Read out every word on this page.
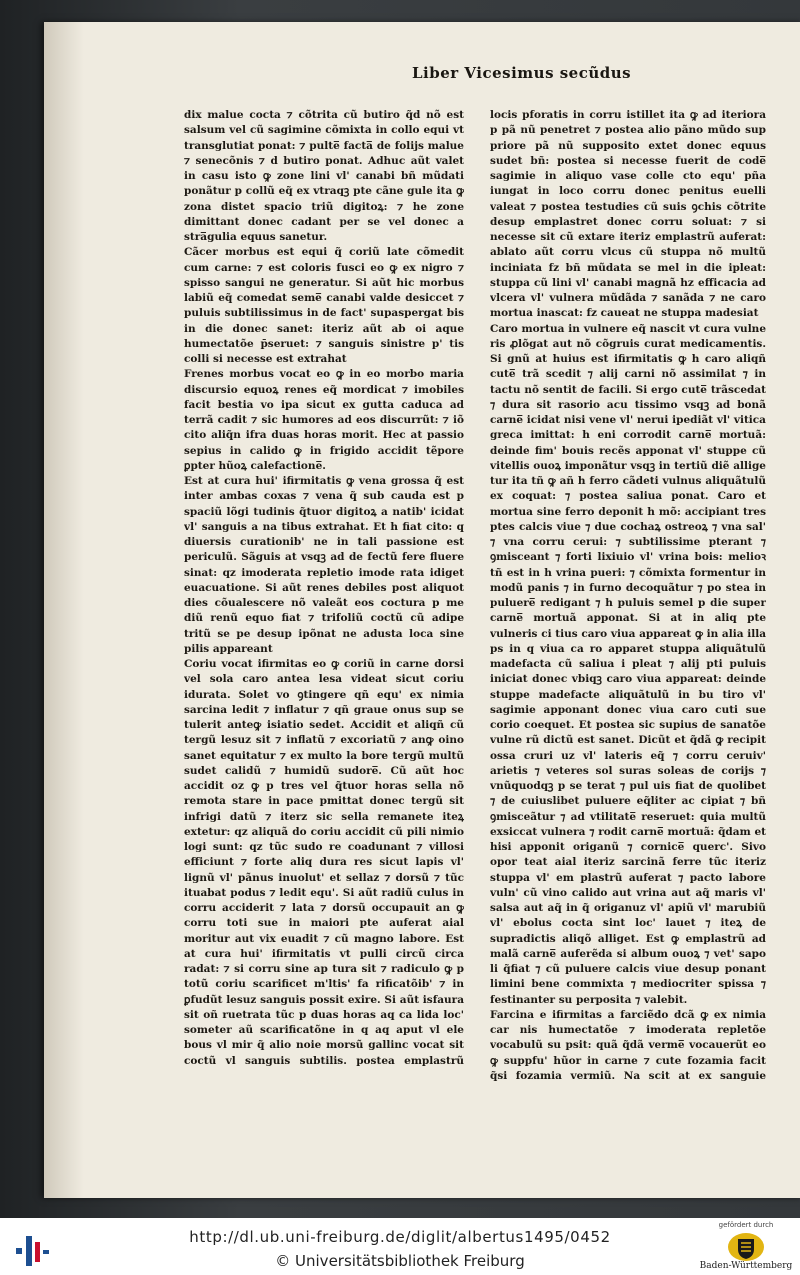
Liber Vicesimus secũdus

dix malue cocta ⁊ cõtrita cũ butiro q̃d nõ est salsum vel cũ sagimine cõmixta in collo equi vt transglutiat ponat: ⁊ pulte̅ facta̅ de folijs malue ⁊ senecõnis ⁊ d butiro ponat. Adhuc aũt valet in casu isto ꝙ zone lini vl' canabi bñ mũdati ponãtur p collũ eq̃ ex vtraqꝫ pte cãne gule ita ꝙ zona distet spacio triũ digitoꝝ: ⁊ he zone dimittant donec cadant per se vel donec a stra̅gulia equus sanetur.

Cãcer morbus est equi q̃ coriũ late cõmedit cum carne: ⁊ est coloris fusci eo ꝙ ex nigro ⁊ spisso sangui ne generatur. Si aũt hic morbus labiũ eq̃ comedat seme̅ canabi valde desiccet ⁊ puluis subtilissimus in de fact' supaspergat bis in die donec sanet: iteriz aũt ab oi aque humectatõe p̄seruet: ⁊ sanguis sinistre p' tis colli si necesse est extrahat

Frenes morbus vocat eo ꝙ in eo morbo maria discursio equoꝝ renes eq̃ mordicat ⁊ imobiles facit bestia vo ipa sicut ex gutta caduca ad terrã cadit ⁊ sic humores ad eos discurrũt: ⁊ iõ cito aliq̃n ifra duas horas morit. Hec at passio sepius in calido ꝙ in frigido accidit tẽpore ꝑpter hũoꝝ calefactione̅.

Est at cura hui' ifirmitatis ꝙ vena grossa q̃ est inter ambas coxas ⁊ vena q̃ sub cauda est p spaciũ lõgi tudinis q̃tuor digitoꝝ a natib' icidat vl' sanguis a na tibus extrahat. Et h fiat cito: q diuersis curationib' ne in tali passione est periculũ. Sãguis at vsqꝫ ad de fectũ fere fluere sinat: qz imoderata repletio imode rata idiget euacuatione. Si aũt renes debiles post aliquot dies cõualescere nõ valeãt eos coctura p me diũ renũ equo fiat ⁊ trifoliũ coctũ cũ adipe tritũ se pe desup ipõnat ne adusta loca sine pilis appareant

Coriu vocat ifirmitas eo ꝙ coriũ in carne dorsi vel sola caro antea lesa videat sicut coriu idurata. Solet vo ꝯtingere qñ equ' ex nimia sarcina ledit ⁊ inflatur ⁊ qñ graue onus sup se tulerit anteꝙ isiatio sedet. Accidit et aliqñ cũ tergũ lesuz sit ⁊ inflatũ ⁊ excoriatũ ⁊ anꝙ oino sanet equitatur ⁊ ex multo la bore tergũ multũ sudet calidũ ⁊ humidũ sudore̅. Cũ aũt hoc accidit oz ꝙ p tres vel q̃tuor horas sella nõ remota stare in pace pmittat donec tergũ sit infrigi datũ ⁊ iterz sic sella remanete iteꝝ extetur: qz aliquã do coriu accidit cũ pili nimio logi sunt: qz tũc sudo re coadunant ⁊ villosi efficiunt ⁊ forte aliq dura res sicut lapis vl' lignũ vl' pãnus inuolut' et sellaz ⁊ dorsũ ⁊ tũc ituabat podus ⁊ ledit equ'. Si aũt radiũ culus in corru acciderit ⁊ lata ⁊ dorsũ occupauit an ꝙ corru toti sue in maiori pte auferat aial moritur aut vix euadit ⁊ cũ magno labore. Est at cura hui' ifirmitatis vt pulli circũ circa radat: ⁊ si corru sine ap tura sit ⁊ radiculo ꝙ p totũ coriu scarificet m'ltis' fa rificatõib' ⁊ in ꝑfudũt lesuz sanguis possit exire. Si aũt isfaura sit oñ ruetrata tũc p duas horas aq ca lida loc' someter aũ scarificatõne in q aq aput vl ele bous vl mir q̃ alio noie morsũ gallinc vocat sit coctũ vl sanguis subtilis. postea emplastrũ

locis pforatis in corru istillet ita ꝙ ad iteriora p pã nũ penetret ⁊ postea alio pãno mũdo sup priore pã nũ supposito extet donec equus sudet bñ: postea si necesse fuerit de code̅ sagimie in aliquo vase colle cto equ' pña iungat in loco corru donec penitus euelli valeat ⁊ postea testudies cũ suis ꝯchis cõtrite desup emplastret donec corru soluat: ⁊ si necesse sit cũ extare iteriz emplastrũ auferat: ablato aũt corru vlcus cũ stuppa nõ multũ inciniata fz bñ mũdata se mel in die ipleat: stuppa cũ lini vl' canabi magnã hz efficacia ad vlcera vl' vulnera mũdãda ⁊ sanãda ⁊ ne caro mortua inascat: fz caueat ne stuppa madesiat

Caro mortua in vulnere eq̃ nascit vt cura vulne ris ꝓlõgat aut nõ cõgruis curat medicamentis. Si gnũ at huius est ifirmitatis ꝙ h caro aliqñ cute̅ trã scedit ⁊ alij carni nõ assimilat ⁊ in tactu nõ sentit de facili. Si ergo cute̅ trãscedat ⁊ dura sit rasorio acu tissimo vsqꝫ ad bonã carne̅ icidat nisi vene vl' nerui ipediãt vl' vitica greca imittat: h eni corrodit carne̅ mortuã: deinde fim' bouis recẽs apponat vl' stuppe cũ vitellis ouoꝝ imponãtur vsqꝫ in tertiũ diẽ allige tur ita tñ ꝙ añ h ferro cãdeti vulnus aliquãtulũ ex coquat: ⁊ postea saliua ponat. Caro et mortua sine ferro deponit h mõ: accipiant tres ptes calcis viue ⁊ due cochaꝝ ostreoꝝ ⁊ vna sal' ⁊ vna corru cerui: ⁊ subtilissime pterant ⁊ ꝯmisceant ⁊ forti lixiuio vl' vrina bois: melioꝛ tñ est in h vrina pueri: ⁊ cõmixta formentur in modũ panis ⁊ in furno decoquãtur ⁊ po stea in puluere̅ redigant ⁊ h puluis semel p die super carne̅ mortuã apponat. Si at in aliq pte vulneris ci tius caro viua appareat ꝙ in alia illa ps in q viua ca ro apparet stuppa aliquãtulũ madefacta cũ saliua i pleat ⁊ alij pti puluis iniciat donec vbiqꝫ caro viua appareat: deinde stuppe madefacte aliquãtulũ in bu tiro vl' sagimie apponant donec viua caro cuti sue corio coequet. Et postea sic supius de sanatõe vulne rũ dictũ est sanet. Dicũt et q̃dã ꝙ recipit ossa cruri uz vl' lateris eq̃ ⁊ corru ceruiv' arietis ⁊ veteres sol suras soleas de corijs ⁊ vnũquodqꝫ p se terat ⁊ pul uis fiat de quolibet ⁊ de cuiuslibet puluere eq̃liter ac cipiat ⁊ bñ ꝯmisceãtur ⁊ ad vtilitate̅ reseruet: quia multũ exsiccat vulnera ⁊ rodit carne̅ mortuã: q̃dam et hisi apponit origanũ ⁊ cornice̅ querc'. Sivo opor teat aial iteriz sarcinã ferre tũc iteriz stuppa vl' em plastrũ auferat ⁊ pacto labore vuln' cũ vino calido aut vrina aut aq̃ maris vl' salsa aut aq̃ in q̃ origanuz vl' apiũ vl' marubiũ vl' ebolus cocta sint loc' lauet ⁊ iteꝝ de supradictis aliqõ alliget. Est ꝙ emplastrũ ad malã carne̅ auferẽda si album ouoꝝ ⁊ vet' sapo li q̃fiat ⁊ cũ puluere calcis viue desup ponant limini bene commixta ⁊ mediocriter spissa ⁊ festinanter su perposita ⁊ valebit.

Farcina e ifirmitas a farciẽdo dcã ꝙ ex nimia car nis humectatõe ⁊ imoderata repletõe vocabulũ su psit: quã q̃dã verme̅ vocauerũt eo ꝙ suppfu' hũor in carne ⁊ cute fozamia facit q̃si fozamia vermiũ. Na scit at ex sanguie

http://dl.ub.uni-freiburg.de/diglit/albertus1495/0452
© Universitätsbibliothek Freiburg
gefördert durch
Baden-Württemberg
